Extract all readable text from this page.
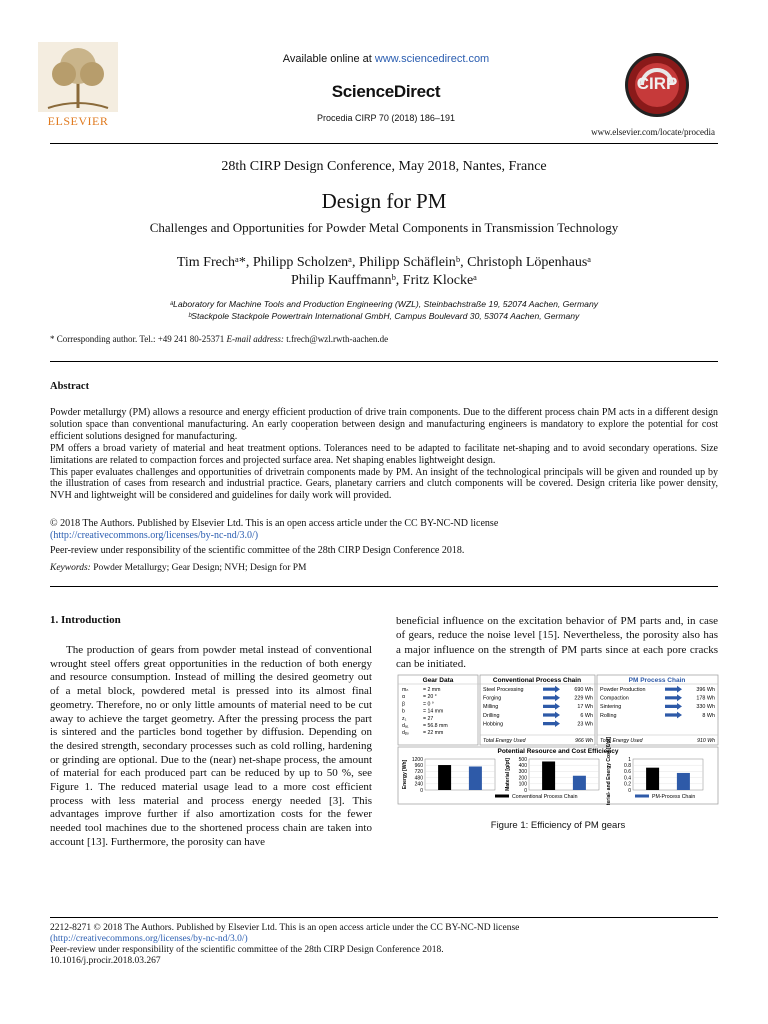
ELSEVIER
Available online at www.sciencedirect.com
ScienceDirect
Procedia CIRP 70 (2018) 186–191
CIRP
www.elsevier.com/locate/procedia
28th CIRP Design Conference, May 2018, Nantes, France
Design for PM
Challenges and Opportunities for Powder Metal Components in Transmission Technology
Tim Frechᵃ*, Philipp Scholzenᵃ, Philipp Schäfleinᵇ, Christoph Löpenhausᵃ
Philip Kauffmannᵇ, Fritz Klockeᵃ
ᵃLaboratory for Machine Tools and Production Engineering (WZL), Steinbachstraße 19, 52074 Aachen, Germany
ᵇStackpole Stackpole Powertrain International GmbH, Campus Boulevard 30, 53074 Aachen, Germany
* Corresponding author. Tel.: +49 241 80-25371 E-mail address: t.frech@wzl.rwth-aachen.de
Abstract

Powder metallurgy (PM) allows a resource and energy efficient production of drive train components. Due to the different process chain PM acts in a different design solution space than conventional manufacturing. An early cooperation between design and manufacturing engineers is mandatory to explore the potential for cost efficient solutions designed for manufacturing.

PM offers a broad variety of material and heat treatment options. Tolerances need to be adapted to facilitate net-shaping and to avoid secondary operations. Size limitations are related to compaction forces and projected surface area. Net shaping enables lightweight design.

This paper evaluates challenges and opportunities of drivetrain components made by PM. An insight of the technological principals will be given and rounded up by the illustration of cases from research and industrial practice. Gears, planetary carriers and clutch components will be covered. Design criteria like power density, NVH and lightweight will be considered and guidelines for daily work will provided.

© 2018 The Authors. Published by Elsevier Ltd. This is an open access article under the CC BY-NC-ND license
(http://creativecommons.org/licenses/by-nc-nd/3.0/)
Peer-review under responsibility of the scientific committee of the 28th CIRP Design Conference 2018.
Keywords: Powder Metallurgy; Gear Design; NVH; Design for PM
1. Introduction
The production of gears from powder metal instead of conventional wrought steel offers great opportunities in the reduction of both energy and resource consumption. Instead of milling the desired geometry out of a metal block, powdered metal is pressed into its almost final geometry. Therefore, no or only little amounts of material need to be cut away to achieve the target geometry. After the pressing process the part is sintered and the particles bond together by diffusion. Depending on the desired strength, secondary processes such as cold rolling, hardening or grinding are optional. Due to the (near) net-shape process, the amount of material for each produced part can be reduced by up to 50 %, see Figure 1. The reduced material usage lead to a more cost efficient process with less material and process energy needed [3]. This advantages improve further if also amortization costs for the fewer needed tool machines due to the shortened process chain are taken into account [13]. Furthermore, the porosity can have
beneficial influence on the excitation behavior of PM parts and, in case of gears, reduce the noise level [15]. Nevertheless, the porosity also has a major influence on the strength of PM parts since at each pore cracks can be initiated.
Gear Data	Conventional Process Chain	PM Process Chain
Potential Resource and Cost Efficiency
mₙ	= 2 mm
α	= 20 °
β	= 0 °
b	= 14 mm
z₁	= 27
dₐ₁	= 56.8 mm
dᵦₒ	= 22 mm
Steel Processing	690 Wh
Forging	229 Wh
Milling	17 Wh
Drilling	6 Wh
Hobbing	23 Wh
Total Energy Used	966 Wh
Powder Production	396 Wh
Compaction	178 Wh
Sintering	330 Wh
Rolling	8 Wh
Total Energy Used	910 Wh
0
240
480
720
960
1200
Energy [Wh]
0
100
200
300
400
500
Material [g/pt]	0
0.2
0.4
0.6
0.8
1
Material- and Energy Cost [€/pt]
Conventional Process Chain	PM-Process Chain
Figure 1: Efficiency of PM gears
2212-8271 © 2018 The Authors. Published by Elsevier Ltd. This is an open access article under the CC BY-NC-ND license
(http://creativecommons.org/licenses/by-nc-nd/3.0/)
Peer-review under responsibility of the scientific committee of the 28th CIRP Design Conference 2018.
10.1016/j.procir.2018.03.267
